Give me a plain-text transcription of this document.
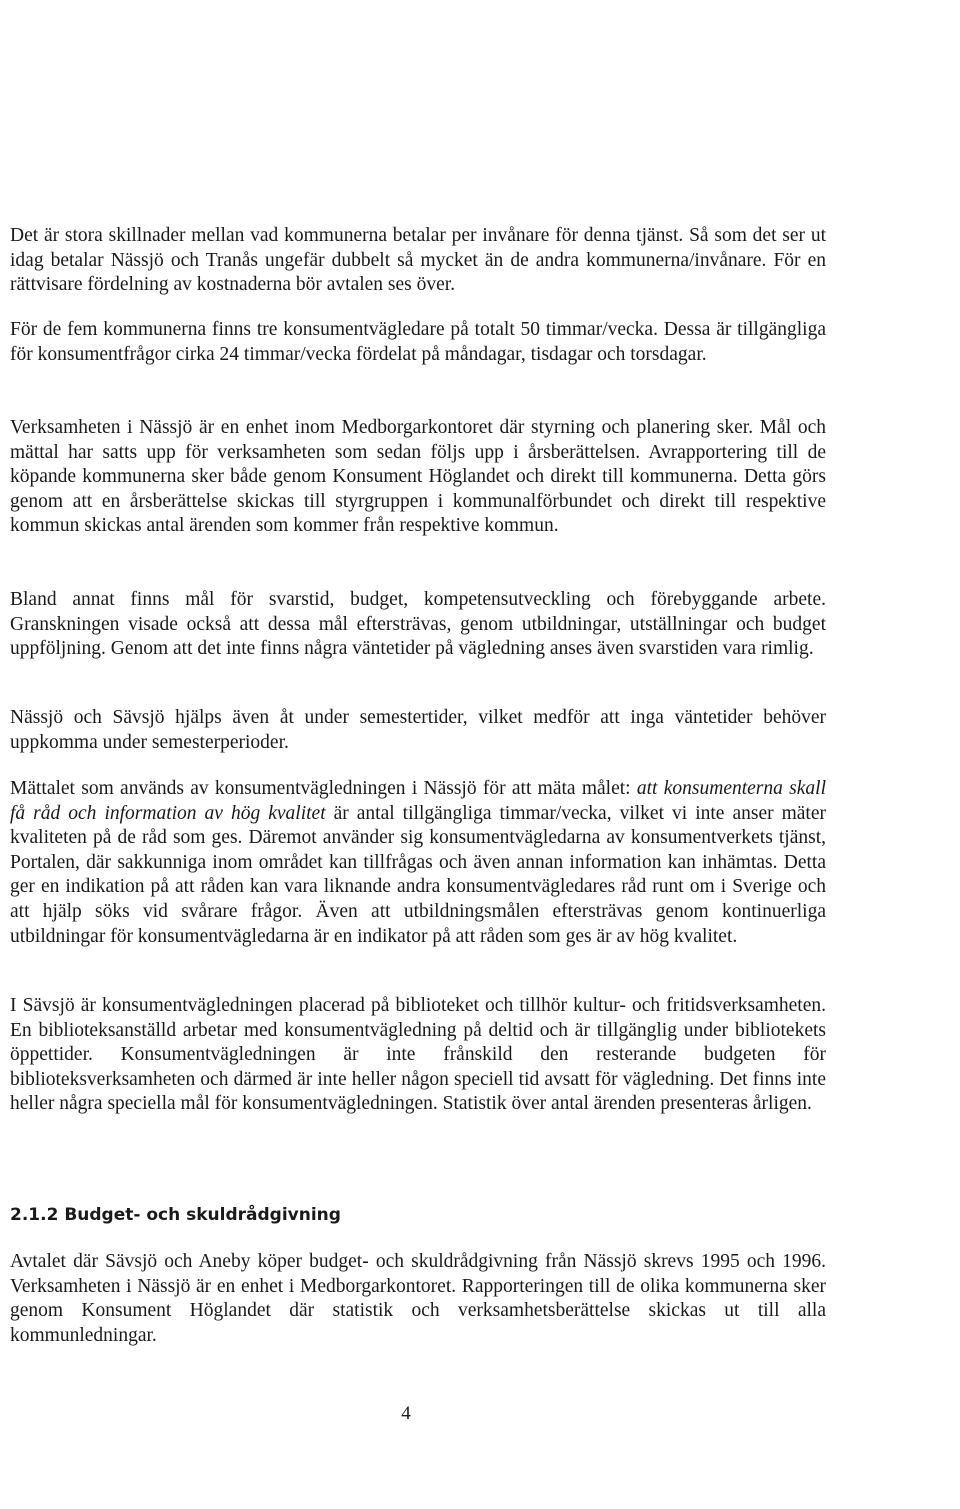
Det är stora skillnader mellan vad kommunerna betalar per invånare för denna tjänst. Så som det ser ut idag betalar Nässjö och Tranås ungefär dubbelt så mycket än de andra kommunerna/invånare. För en rättvisare fördelning av kostnaderna bör avtalen ses över.

För de fem kommunerna finns tre konsumentvägledare på totalt 50 timmar/vecka. Dessa är tillgängliga för konsumentfrågor cirka 24 timmar/vecka fördelat på måndagar, tisdagar och torsdagar.

Verksamheten i Nässjö är en enhet inom Medborgarkontoret där styrning och planering sker. Mål och mättal har satts upp för verksamheten som sedan följs upp i årsberättelsen. Avrapportering till de köpande kommunerna sker både genom Konsument Höglandet och direkt till kommunerna. Detta görs genom att en årsberättelse skickas till styrgruppen i kommunalförbundet och direkt till respektive kommun skickas antal ärenden som kommer från respektive kommun.

Bland annat finns mål för svarstid, budget, kompetensutveckling och förebyggande arbete. Granskningen visade också att dessa mål eftersträvas, genom utbildningar, utställningar och budget uppföljning. Genom att det inte finns några väntetider på vägledning anses även svarstiden vara rimlig.

Nässjö och Sävsjö hjälps även åt under semestertider, vilket medför att inga väntetider behöver uppkomma under semesterperioder.

Mättalet som används av konsumentvägledningen i Nässjö för att mäta målet: att konsumenterna skall få råd och information av hög kvalitet är antal tillgängliga timmar/vecka, vilket vi inte anser mäter kvaliteten på de råd som ges. Däremot använder sig konsumentvägledarna av konsumentverkets tjänst, Portalen, där sakkunniga inom området kan tillfrågas och även annan information kan inhämtas. Detta ger en indikation på att råden kan vara liknande andra konsumentvägledares råd runt om i Sverige och att hjälp söks vid svårare frågor. Även att utbildningsmålen eftersträvas genom kontinuerliga utbildningar för konsumentvägledarna är en indikator på att råden som ges är av hög kvalitet.

I Sävsjö är konsumentvägledningen placerad på biblioteket och tillhör kultur- och fritidsverksamheten. En biblioteksanställd arbetar med konsumentvägledning på deltid och är tillgänglig under bibliotekets öppettider. Konsumentvägledningen är inte frånskild den resterande budgeten för biblioteksverksamheten och därmed är inte heller någon speciell tid avsatt för vägledning. Det finns inte heller några speciella mål för konsumentvägledningen. Statistik över antal ärenden presenteras årligen.

2.1.2 Budget- och skuldrådgivning

Avtalet där Sävsjö och Aneby köper budget- och skuldrådgivning från Nässjö skrevs 1995 och 1996. Verksamheten i Nässjö är en enhet i Medborgarkontoret. Rapporteringen till de olika kommunerna sker genom Konsument Höglandet där statistik och verksamhetsberättelse skickas ut till alla kommunledningar.

4
